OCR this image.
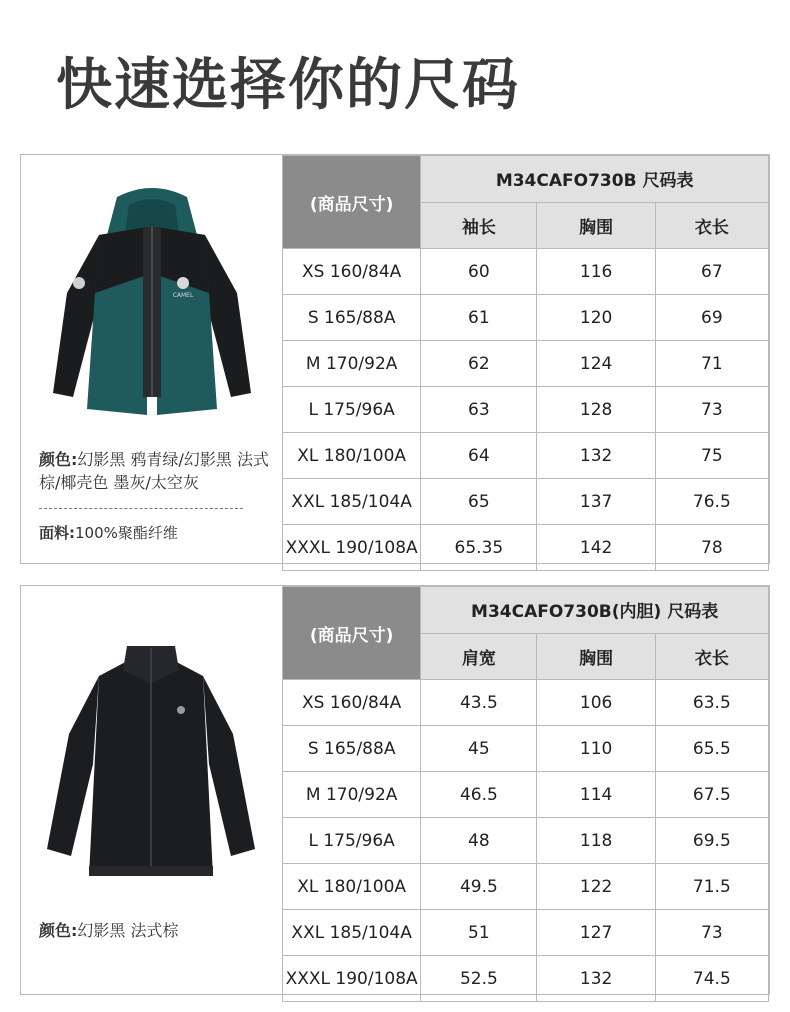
快速选择你的尺码
CAMEL
颜色:幻影黑 鸦青绿/幻影黑 法式棕/椰壳色 墨灰/太空灰
面料:100%聚酯纤维
(商品尺寸)	M34CAFO730B 尺码表		
	袖长	胸围	衣长
XS 160/84A	60	116	67
S 165/88A	61	120	69
M 170/92A	62	124	71
L 175/96A	63	128	73
XL 180/100A	64	132	75
XXL 185/104A	65	137	76.5
XXXL 190/108A	65.35	142	78
颜色:幻影黑 法式棕
(商品尺寸)	M34CAFO730B(内胆) 尺码表		
	肩宽	胸围	衣长
XS 160/84A	43.5	106	63.5
S 165/88A	45	110	65.5
M 170/92A	46.5	114	67.5
L 175/96A	48	118	69.5
XL 180/100A	49.5	122	71.5
XXL 185/104A	51	127	73
XXXL 190/108A	52.5	132	74.5
